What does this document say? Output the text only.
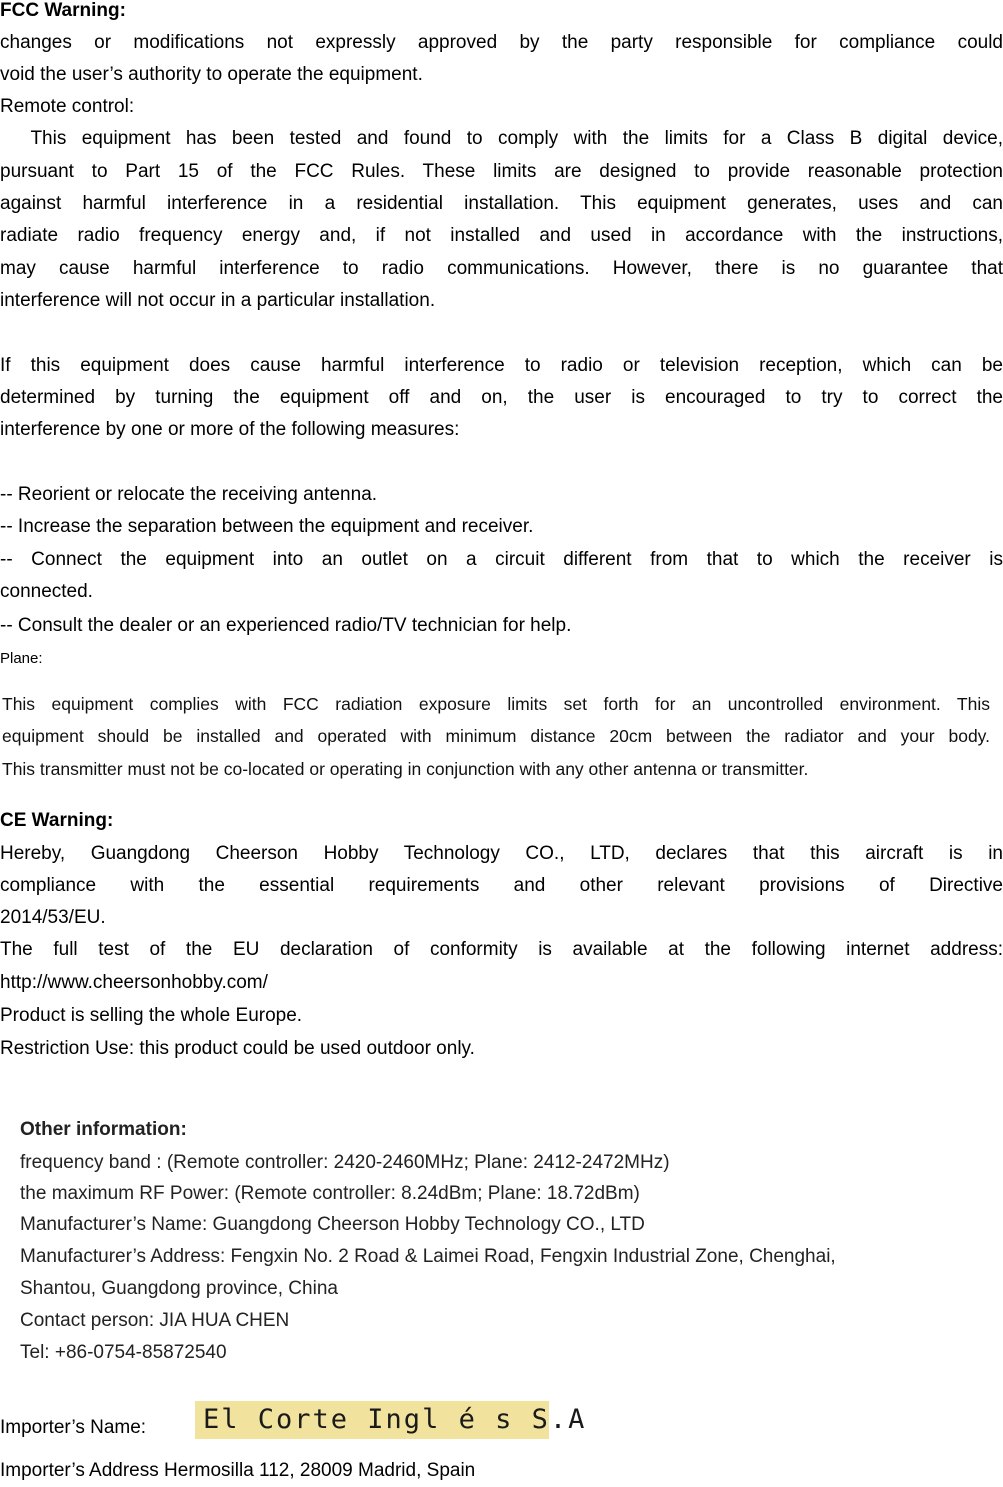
FCC Warning:
changes or modifications not expressly approved by the party responsible for compliance could
void the user’s authority to operate the equipment.
Remote control:
This equipment has been tested and found to comply with the limits for a Class B digital device,
pursuant to Part 15 of the FCC Rules. These limits are designed to provide reasonable protection
against harmful interference in a residential installation. This equipment generates, uses and can
radiate radio frequency energy and, if not installed and used in accordance with the instructions,
may cause harmful interference to radio communications. However, there is no guarantee that
interference will not occur in a particular installation.
If this equipment does cause harmful interference to radio or television reception, which can be
determined by turning the equipment off and on, the user is encouraged to try to correct the
interference by one or more of the following measures:
-- Reorient or relocate the receiving antenna.
-- Increase the separation between the equipment and receiver.
-- Connect the equipment into an outlet on a circuit different from that to which the receiver is
connected.
-- Consult the dealer or an experienced radio/TV technician for help.
Plane:
This equipment complies with FCC radiation exposure limits set forth for an uncontrolled environment. This
equipment should be installed and operated with minimum distance 20cm between the radiator and your body.
This transmitter must not be co-located or operating in conjunction with any other antenna or transmitter.
CE Warning:
Hereby, Guangdong Cheerson Hobby Technology CO., LTD, declares that this aircraft is in
compliance with the essential requirements and other relevant provisions of Directive
2014/53/EU.
The full test of the EU declaration of conformity is available at the following internet address:
http://www.cheersonhobby.com/
Product is selling the whole Europe.
Restriction Use: this product could be used outdoor only.
Other information:
frequency band : (Remote controller: 2420-2460MHz; Plane: 2412-2472MHz)
the maximum RF Power: (Remote controller: 8.24dBm; Plane: 18.72dBm)
Manufacturer’s Name: Guangdong Cheerson Hobby Technology CO., LTD
Manufacturer’s Address: Fengxin No. 2 Road & Laimei Road, Fengxin Industrial Zone, Chenghai,
Shantou, Guangdong province, China
Contact person: JIA HUA CHEN
Tel: +86-0754-85872540
Importer’s Name:	El Corte Ingl é s S.A
Importer’s Address Hermosilla 112, 28009 Madrid, Spain
